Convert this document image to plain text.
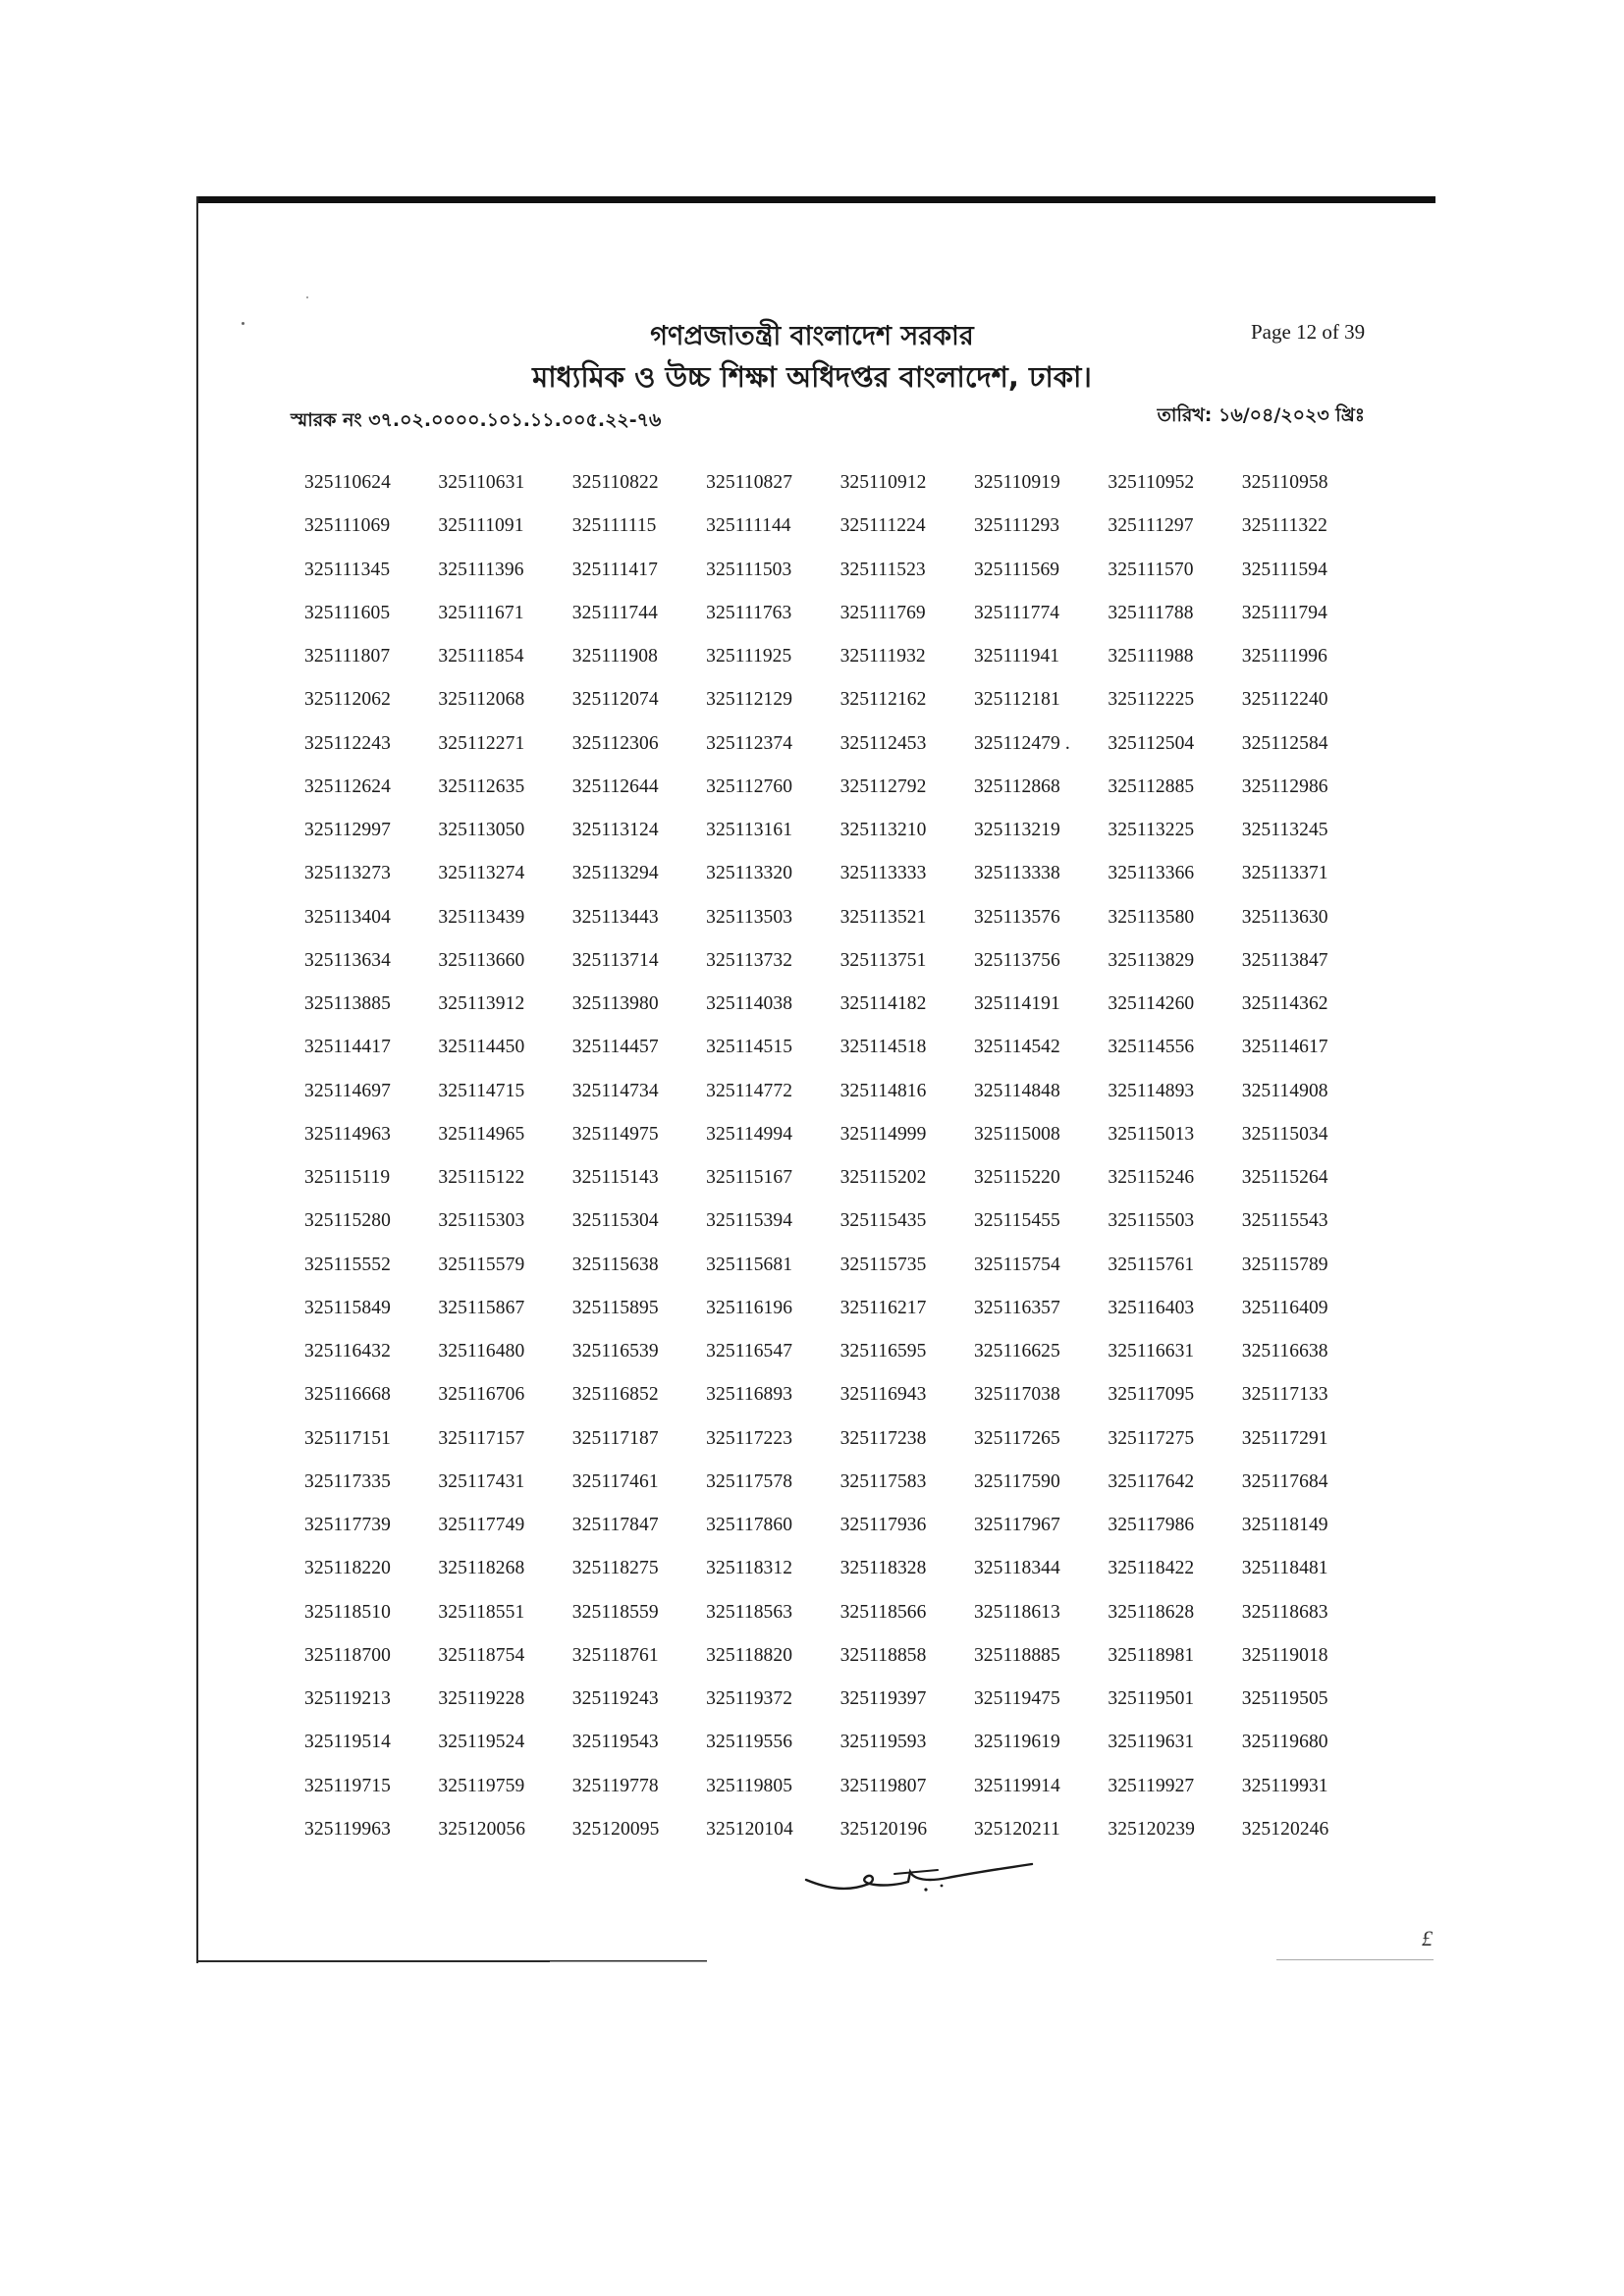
গণপ্রজাতন্ত্রী বাংলাদেশ সরকার
মাধ্যমিক ও উচ্চ শিক্ষা অধিদপ্তর বাংলাদেশ, ঢাকা।
Page 12 of 39
স্মারক নং ৩৭.০২.০০০০.১০১.১১.০০৫.২২-৭৬	তারিখ: ১৬/০৪/২০২৩ খ্রিঃ
325110624	325110631	325110822	325110827	325110912	325110919	325110952	325110958
325111069	325111091	325111115	325111144	325111224	325111293	325111297	325111322
325111345	325111396	325111417	325111503	325111523	325111569	325111570	325111594
325111605	325111671	325111744	325111763	325111769	325111774	325111788	325111794
325111807	325111854	325111908	325111925	325111932	325111941	325111988	325111996
325112062	325112068	325112074	325112129	325112162	325112181	325112225	325112240
325112243	325112271	325112306	325112374	325112453	325112479 .	325112504	325112584
325112624	325112635	325112644	325112760	325112792	325112868	325112885	325112986
325112997	325113050	325113124	325113161	325113210	325113219	325113225	325113245
325113273	325113274	325113294	325113320	325113333	325113338	325113366	325113371
325113404	325113439	325113443	325113503	325113521	325113576	325113580	325113630
325113634	325113660	325113714	325113732	325113751	325113756	325113829	325113847
325113885	325113912	325113980	325114038	325114182	325114191	325114260	325114362
325114417	325114450	325114457	325114515	325114518	325114542	325114556	325114617
325114697	325114715	325114734	325114772	325114816	325114848	325114893	325114908
325114963	325114965	325114975	325114994	325114999	325115008	325115013	325115034
325115119	325115122	325115143	325115167	325115202	325115220	325115246	325115264
325115280	325115303	325115304	325115394	325115435	325115455	325115503	325115543
325115552	325115579	325115638	325115681	325115735	325115754	325115761	325115789
325115849	325115867	325115895	325116196	325116217	325116357	325116403	325116409
325116432	325116480	325116539	325116547	325116595	325116625	325116631	325116638
325116668	325116706	325116852	325116893	325116943	325117038	325117095	325117133
325117151	325117157	325117187	325117223	325117238	325117265	325117275	325117291
325117335	325117431	325117461	325117578	325117583	325117590	325117642	325117684
325117739	325117749	325117847	325117860	325117936	325117967	325117986	325118149
325118220	325118268	325118275	325118312	325118328	325118344	325118422	325118481
325118510	325118551	325118559	325118563	325118566	325118613	325118628	325118683
325118700	325118754	325118761	325118820	325118858	325118885	325118981	325119018
325119213	325119228	325119243	325119372	325119397	325119475	325119501	325119505
325119514	325119524	325119543	325119556	325119593	325119619	325119631	325119680
325119715	325119759	325119778	325119805	325119807	325119914	325119927	325119931
325119963	325120056	325120095	325120104	325120196	325120211	325120239	325120246
£
